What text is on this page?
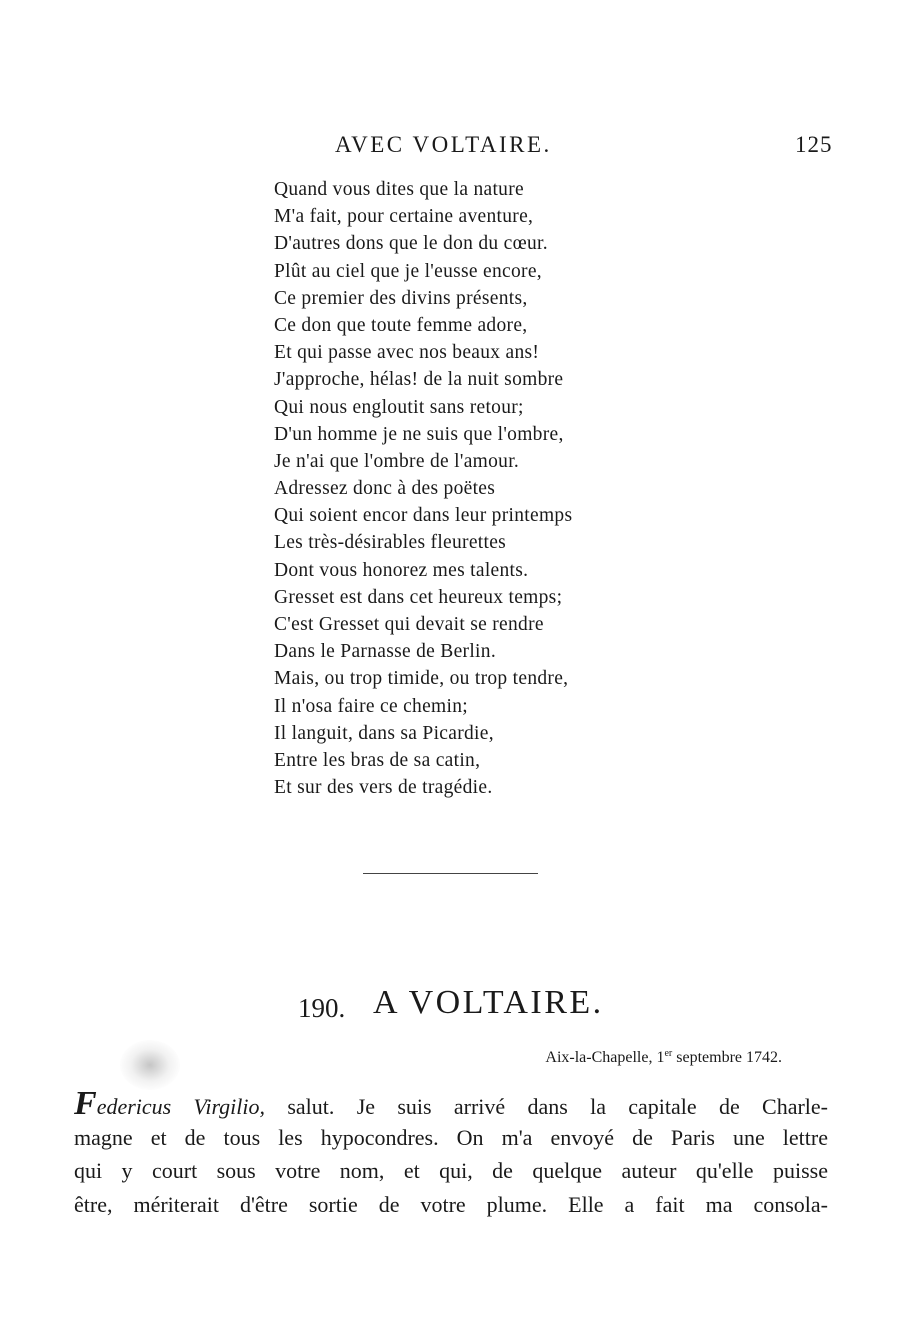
AVEC VOLTAIRE.	125
Quand vous dites que la nature
M'a fait, pour certaine aventure,
D'autres dons que le don du cœur.
Plût au ciel que je l'eusse encore,
Ce premier des divins présents,
Ce don que toute femme adore,
Et qui passe avec nos beaux ans!
J'approche, hélas! de la nuit sombre
Qui nous engloutit sans retour;
D'un homme je ne suis que l'ombre,
Je n'ai que l'ombre de l'amour.
Adressez donc à des poëtes
Qui soient encor dans leur printemps
Les très-désirables fleurettes
Dont vous honorez mes talents.
Gresset est dans cet heureux temps;
C'est Gresset qui devait se rendre
Dans le Parnasse de Berlin.
Mais, ou trop timide, ou trop tendre,
Il n'osa faire ce chemin;
Il languit, dans sa Picardie,
Entre les bras de sa catin,
Et sur des vers de tragédie.
190. A VOLTAIRE.
Aix-la-Chapelle, 1er septembre 1742.
Federicus Virgilio, salut. Je suis arrivé dans la capitale de Charle-
magne et de tous les hypocondres. On m'a envoyé de Paris une lettre
qui y court sous votre nom, et qui, de quelque auteur qu'elle puisse
être, mériterait d'être sortie de votre plume. Elle a fait ma consola-
